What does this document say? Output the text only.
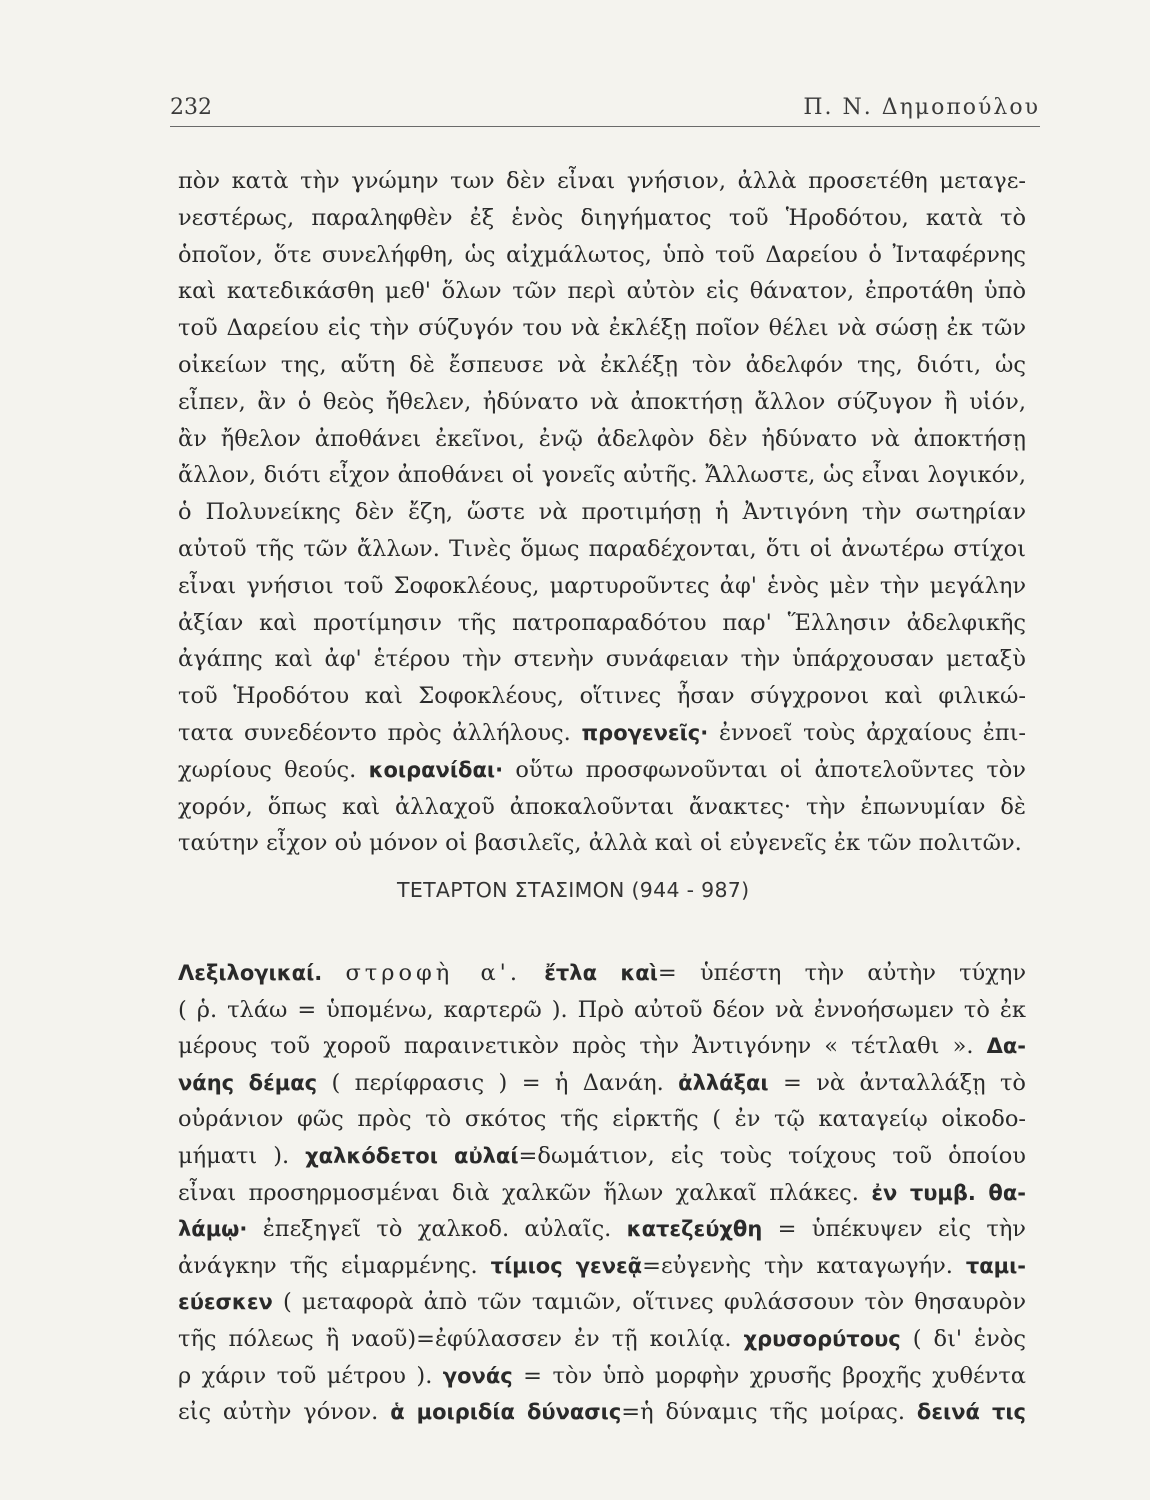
232	Π. Ν. Δημοπούλου
πὸν κατὰ τὴν γνώμην των δὲν εἶναι γνήσιον, ἀλλὰ προσετέθη μεταγε-
νεστέρως, παραληφθὲν ἐξ ἑνὸς διηγήματος τοῦ Ἡροδότου, κατὰ τὸ
ὁποῖον, ὅτε συνελήφθη, ὡς αἰχμάλωτος, ὑπὸ τοῦ Δαρείου ὁ Ἰνταφέρνης
καὶ κατεδικάσθη μεθ' ὅλων τῶν περὶ αὐτὸν εἰς θάνατον, ἐπροτάθη ὑπὸ
τοῦ Δαρείου εἰς τὴν σύζυγόν του νὰ ἐκλέξῃ ποῖον θέλει νὰ σώσῃ ἐκ τῶν
οἰκείων της, αὕτη δὲ ἔσπευσε νὰ ἐκλέξῃ τὸν ἀδελφόν της, διότι, ὡς
εἶπεν, ἂν ὁ θεὸς ἤθελεν, ἠδύνατο νὰ ἀποκτήσῃ ἄλλον σύζυγον ἢ υἱόν,
ἂν ἤθελον ἀποθάνει ἐκεῖνοι, ἐνῷ ἀδελφὸν δὲν ἠδύνατο νὰ ἀποκτήσῃ
ἄλλον, διότι εἶχον ἀποθάνει οἱ γονεῖς αὐτῆς. Ἄλλωστε, ὡς εἶναι λογικόν,
ὁ Πολυνείκης δὲν ἔζη, ὥστε νὰ προτιμήσῃ ἡ Ἀντιγόνη τὴν σωτηρίαν
αὐτοῦ τῆς τῶν ἄλλων. Τινὲς ὅμως παραδέχονται, ὅτι οἱ ἀνωτέρω στίχοι
εἶναι γνήσιοι τοῦ Σοφοκλέους, μαρτυροῦντες ἀφ' ἑνὸς μὲν τὴν μεγάλην
ἀξίαν καὶ προτίμησιν τῆς πατροπαραδότου παρ' Ἕλλησιν ἀδελφικῆς
ἀγάπης καὶ ἀφ' ἑτέρου τὴν στενὴν συνάφειαν τὴν ὑπάρχουσαν μεταξὺ
τοῦ Ἡροδότου καὶ Σοφοκλέους, οἵτινες ἦσαν σύγχρονοι καὶ φιλικώ-
τατα συνεδέοντο πρὸς ἀλλήλους. προγενεῖς· ἐννοεῖ τοὺς ἀρχαίους ἐπι-
χωρίους θεούς. κοιρανίδαι· οὕτω προσφωνοῦνται οἱ ἀποτελοῦντες τὸν
χορόν, ὅπως καὶ ἀλλαχοῦ ἀποκαλοῦνται ἄνακτες· τὴν ἐπωνυμίαν δὲ
ταύτην εἶχον οὐ μόνον οἱ βασιλεῖς, ἀλλὰ καὶ οἱ εὐγενεῖς ἐκ τῶν πολιτῶν.
ΤΕΤΑΡΤΟΝ ΣΤΑΣΙΜΟΝ (944 - 987)
Λεξιλογικαί. στροφὴ α'. ἔτλα καὶ= ὑπέστη τὴν αὐτὴν τύχην
( ῥ. τλάω = ὑπομένω, καρτερῶ ). Πρὸ αὐτοῦ δέον νὰ ἐννοήσωμεν τὸ ἐκ
μέρους τοῦ χοροῦ παραινετικὸν πρὸς τὴν Ἀντιγόνην « τέτλαθι ». Δα-
νάης δέμας ( περίφρασις ) = ἡ Δανάη. ἀλλάξαι = νὰ ἀνταλλάξῃ τὸ
οὐράνιον φῶς πρὸς τὸ σκότος τῆς εἱρκτῆς ( ἐν τῷ καταγείῳ οἰκοδο-
μήματι ). χαλκόδετοι αὐλαί=δωμάτιον, εἰς τοὺς τοίχους τοῦ ὁποίου
εἶναι προσηρμοσμέναι διὰ χαλκῶν ἥλων χαλκαῖ πλάκες. ἐν τυμβ. θα-
λάμῳ· ἐπεξηγεῖ τὸ χαλκοδ. αὐλαῖς. κατεζεύχθη = ὑπέκυψεν εἰς τὴν
ἀνάγκην τῆς εἱμαρμένης. τίμιος γενεᾷ=εὐγενὴς τὴν καταγωγήν. ταμι-
εύεσκεν ( μεταφορὰ ἀπὸ τῶν ταμιῶν, οἵτινες φυλάσσουν τὸν θησαυρὸν
τῆς πόλεως ἢ ναοῦ)=ἐφύλασσεν ἐν τῇ κοιλίᾳ. χρυσορύτους ( δι' ἑνὸς
ρ χάριν τοῦ μέτρου ). γονάς = τὸν ὑπὸ μορφὴν χρυσῆς βροχῆς χυθέντα
εἰς αὐτὴν γόνον. ἁ μοιριδία δύνασις=ἡ δύναμις τῆς μοίρας. δεινά τις
